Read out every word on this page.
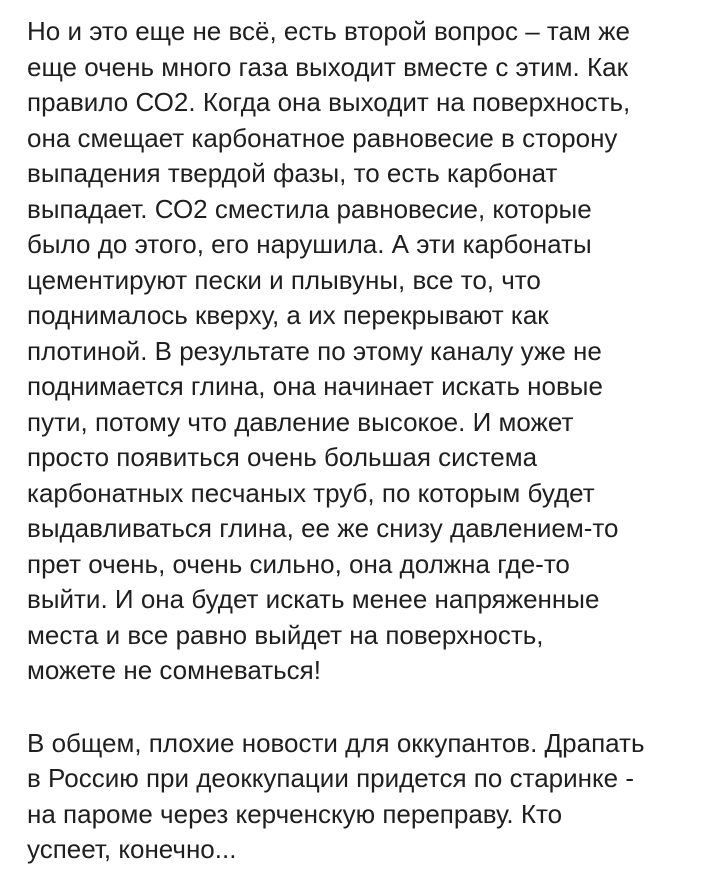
Но и это еще не всё, есть второй вопрос – там же
еще очень много газа выходит вместе с этим. Как
правило СО2. Когда она выходит на поверхность,
она смещает карбонатное равновесие в сторону
выпадения твердой фазы, то есть карбонат
выпадает. СО2 сместила равновесие, которые
было до этого, его нарушила. А эти карбонаты
цементируют пески и плывуны, все то, что
поднималось кверху, а их перекрывают как
плотиной. В результате по этому каналу уже не
поднимается глина, она начинает искать новые
пути, потому что давление высокое. И может
просто появиться очень большая система
карбонатных песчаных труб, по которым будет
выдавливаться глина, ее же снизу давлением-то
прет очень, очень сильно, она должна где-то
выйти. И она будет искать менее напряженные
места и все равно выйдет на поверхность,
можете не сомневаться!
В общем, плохие новости для оккупантов. Драпать
в Россию при деоккупации придется по старинке -
на пароме через керченскую переправу. Кто
успеет, конечно...
